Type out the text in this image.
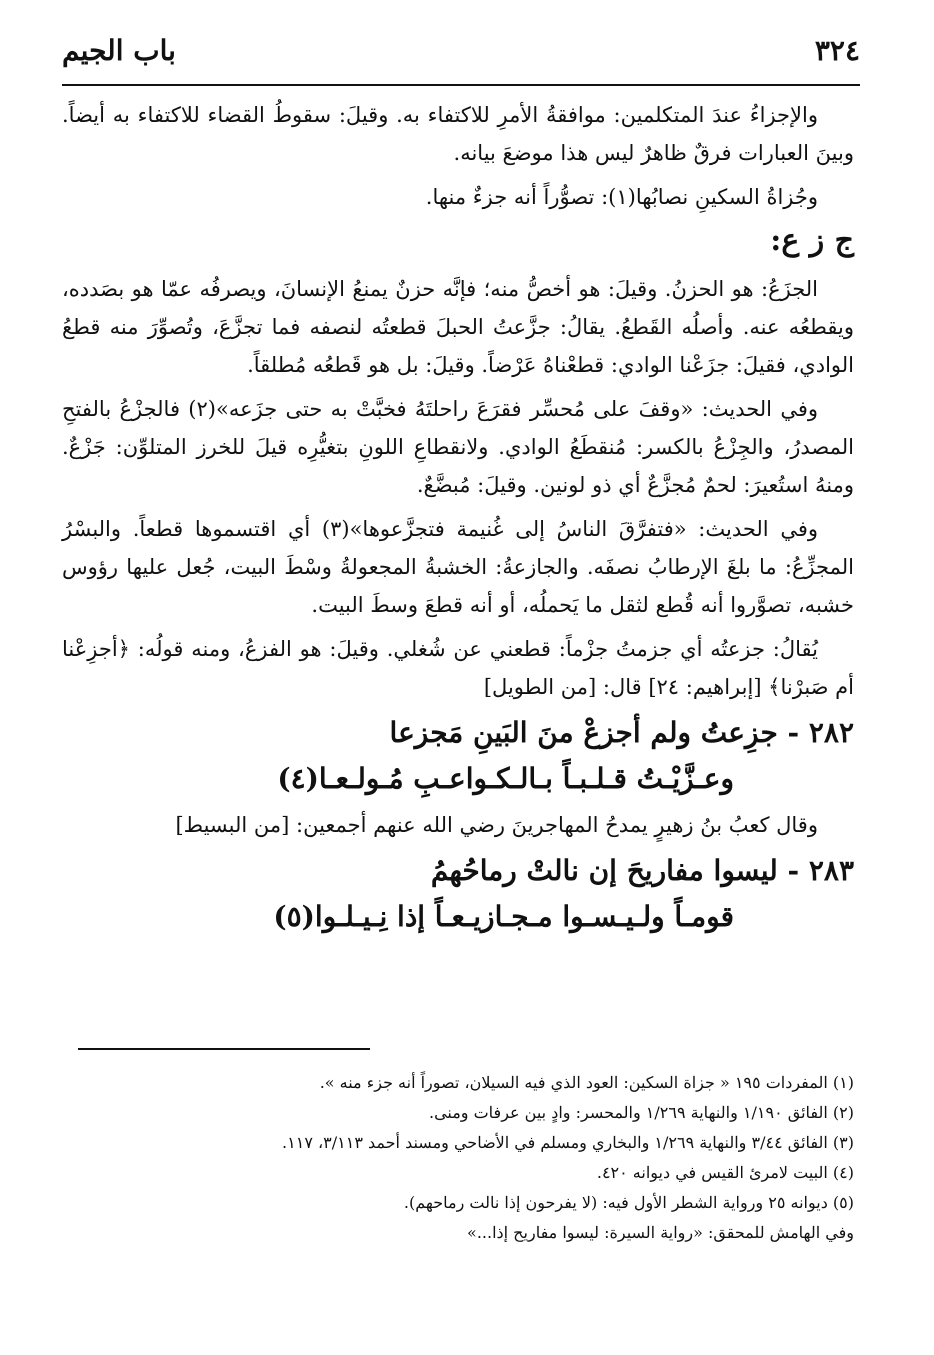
٣٢٤
باب الجيم

والإجزاءُ عندَ المتكلمين: موافقةُ الأمرِ للاكتفاء به. وقيلَ: سقوطُ القضاء للاكتفاء به أيضاً. وبينَ العبارات فرقٌ ظاهرٌ ليس هذا موضعَ بيانه.

وجُزاةُ السكينِ نصابُها(١): تصوُّراً أنه جزءٌ منها.

ج ز ع:

الجزَعُ: هو الحزنُ. وقيلَ: هو أخصُّ منه؛ فإنَّه حزنٌ يمنعُ الإنسانَ، ويصرفُه عمّا هو بصَدده، ويقطعُه عنه. وأصلُه القَطعُ. يقالُ: جزَّعتُ الحبلَ قطعتُه لنصفه فما تجزَّعَ، وتُصوِّرَ منه قطعُ الوادي، فقيلَ: جزَعْنا الوادي: قطعْناهُ عَرْضاً. وقيلَ: بل هو قَطعُه مُطلقاً.

وفي الحديث: «وقفَ على مُحسِّر فقرَعَ راحلتَهُ فخبَّتْ به حتى جزَعه»(٢) فالجزْعُ بالفتحِ المصدرُ، والجِزْعُ بالكسر: مُنقطَعُ الوادي. ولانقطاعِ اللونِ بتغيُّرِه قيلَ للخرز المتلوِّن: جَزْعٌ. ومنهُ استُعيرَ: لحمٌ مُجزَّعٌ أي ذو لونين. وقيلَ: مُبضَّعٌ.

وفي الحديث: «فتفرَّقَ الناسُ إلى غُنيمة فتجزَّعوها»(٣) أي اقتسموها قطعاً. والبسْرُ المجزِّعُ: ما بلغَ الإرطابُ نصفَه. والجازعةُ: الخشبةُ المجعولةُ وسْطَ البيت، جُعل عليها رؤوس خشبه، تصوَّروا أنه قُطع لثقل ما يَحملُه، أو أنه قطعَ وسطَ البيت.

يُقالُ: جزعتُه أي جزمتُ جزْماً: قطعني عن شُغلي. وقيلَ: هو الفزعُ، ومنه قولُه: ﴿أجزِعْنا أم صَبرْنا﴾ [إبراهيم: ٢٤] قال: [من الطويل]

٢٨٢ - جزِعتُ ولم أجزعْ منَ البَينِ مَجزعا
وعـزَّيْـتُ قـلـبـاً بـالـكـواعـبِ مُـولـعـا(٤)

وقال كعبُ بنُ زهيرٍ يمدحُ المهاجرينَ رضي الله عنهم أجمعين: [من البسيط]

٢٨٣ - ليسوا مفاريحَ إن نالتْ رماحُهمُ
قومـاً ولـيـسـوا مـجـازيـعـاً إذا نِـيـلـوا(٥)
(١) المفردات ١٩٥ « جزاة السكين: العود الذي فيه السيلان، تصوراً أنه جزء منه ».
(٢) الفائق ١/١٩٠ والنهاية ١/٢٦٩ والمحسر: وادٍ بين عرفات ومنى.
(٣) الفائق ٣/٤٤ والنهاية ١/٢٦٩ والبخاري ومسلم في الأضاحي ومسند أحمد ٣/١١٣، ١١٧.
(٤) البيت لامرئ القيس في ديوانه ٤٢٠.
(٥) ديوانه ٢٥ ورواية الشطر الأول فيه: (لا يفرحون إذا نالت رماحهم).
وفي الهامش للمحقق: «رواية السيرة: ليسوا مفاريح إذا...»
